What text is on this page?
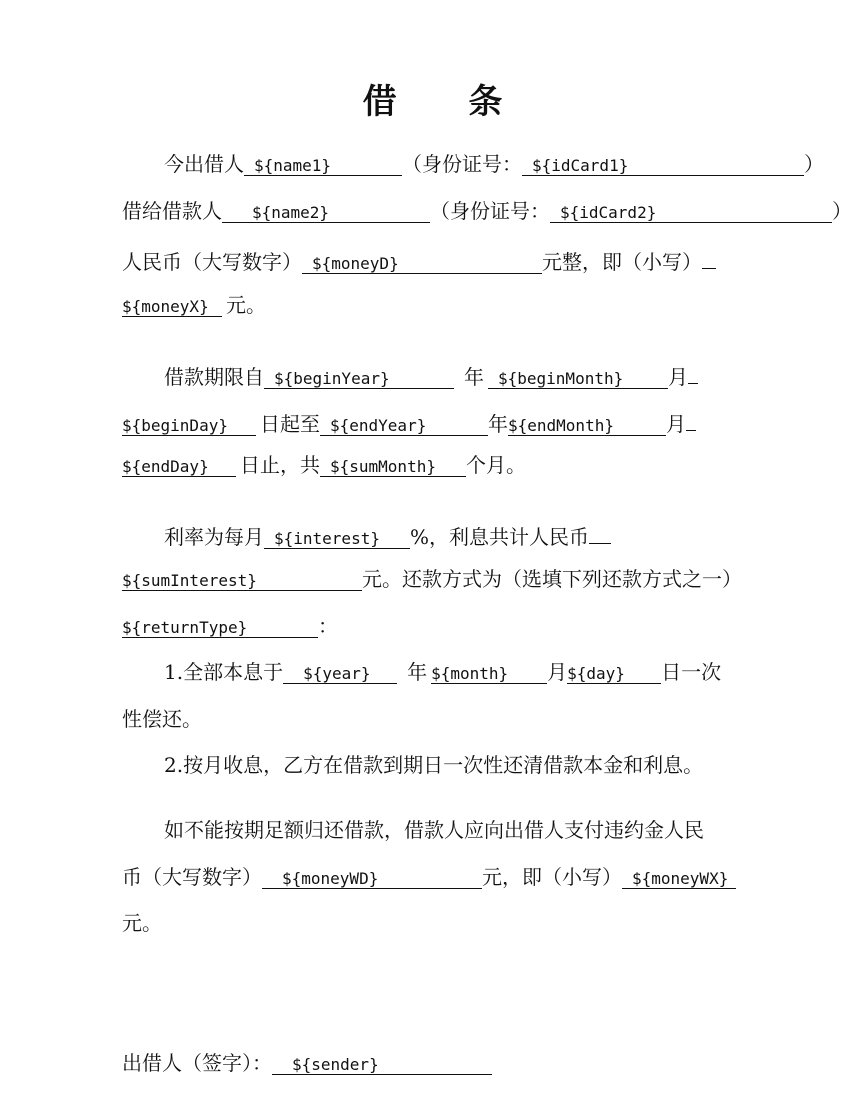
借 条
今出借人 ${name1}	（身份证号： ${idCard1}	）
借给借款人 ${name2}	（身份证号： ${idCard2}	）
人民币（大写数字） ${moneyD}	元整，即（小写）
${moneyX} 元。
借款期限自 ${beginYear}	年 ${beginMonth} 月
${beginDay} 日起至 ${endYear}	年${endMonth}	月
${endDay} 日止，共 ${sumMonth} 个月。
利率为每月 ${interest} %，利息共计人民币
${sumInterest}	元。还款方式为（选填下列还款方式之一）
${returnType}	：
1.全部本息于 ${year} 年 ${month} 月${day} 日一次
性偿还。
2.按月收息，乙方在借款到期日一次性还清借款本金和利息。
如不能按期足额归还借款，借款人应向出借人支付违约金人民
币（大写数字） ${moneyWD}	元，即（小写） ${moneyWX}
元。
出借人（签字）： ${sender}
